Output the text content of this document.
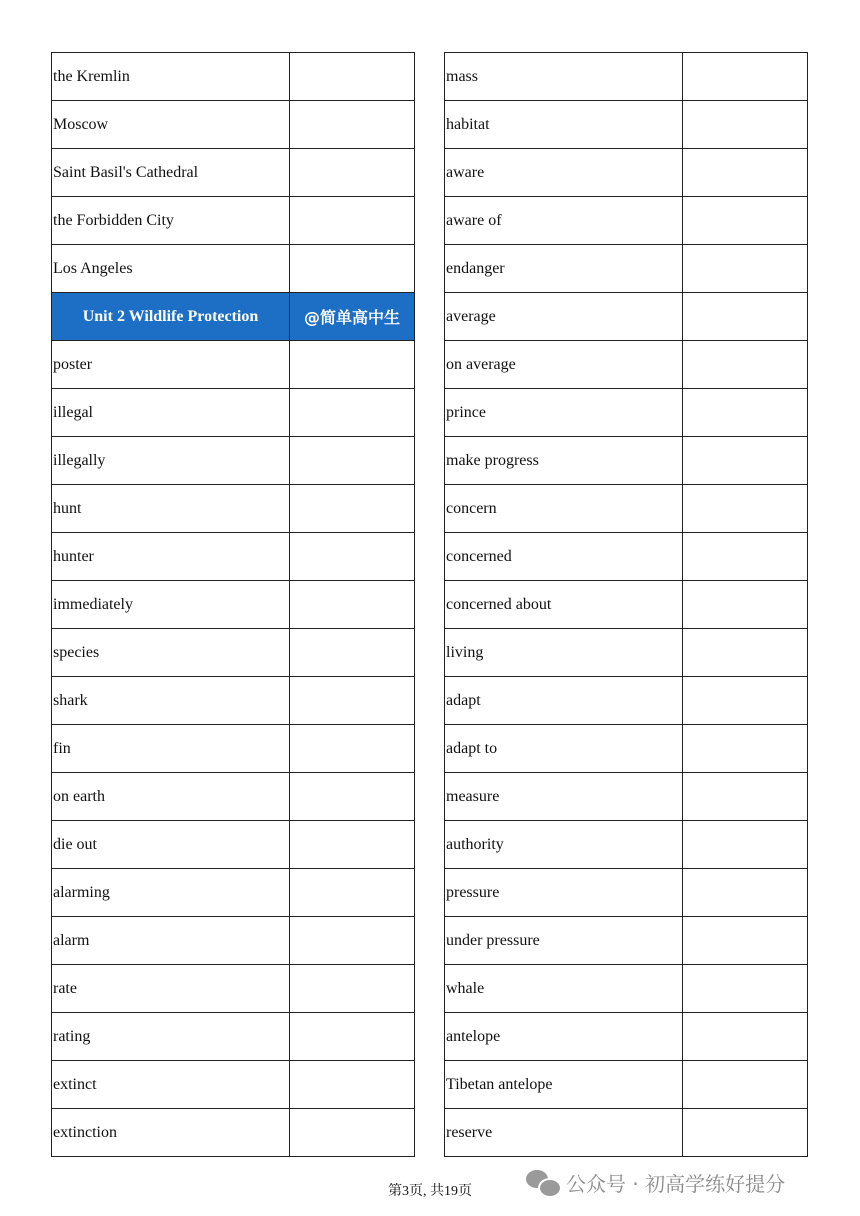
the Kremlin	
Moscow	
Saint Basil's Cathedral	
the Forbidden City	
Los Angeles	
Unit 2 Wildlife Protection	@简单高中生
poster	
illegal	
illegally	
hunt	
hunter	
immediately	
species	
shark	
fin	
on earth	
die out	
alarming	
alarm	
rate	
rating	
extinct	
extinction	
mass	
habitat	
aware	
aware of	
endanger	
average	
on average	
prince	
make progress	
concern	
concerned	
concerned about	
living	
adapt	
adapt to	
measure	
authority	
pressure	
under pressure	
whale	
antelope	
Tibetan antelope	
reserve	
第3页, 共19页	公众号 · 初高学练好提分
